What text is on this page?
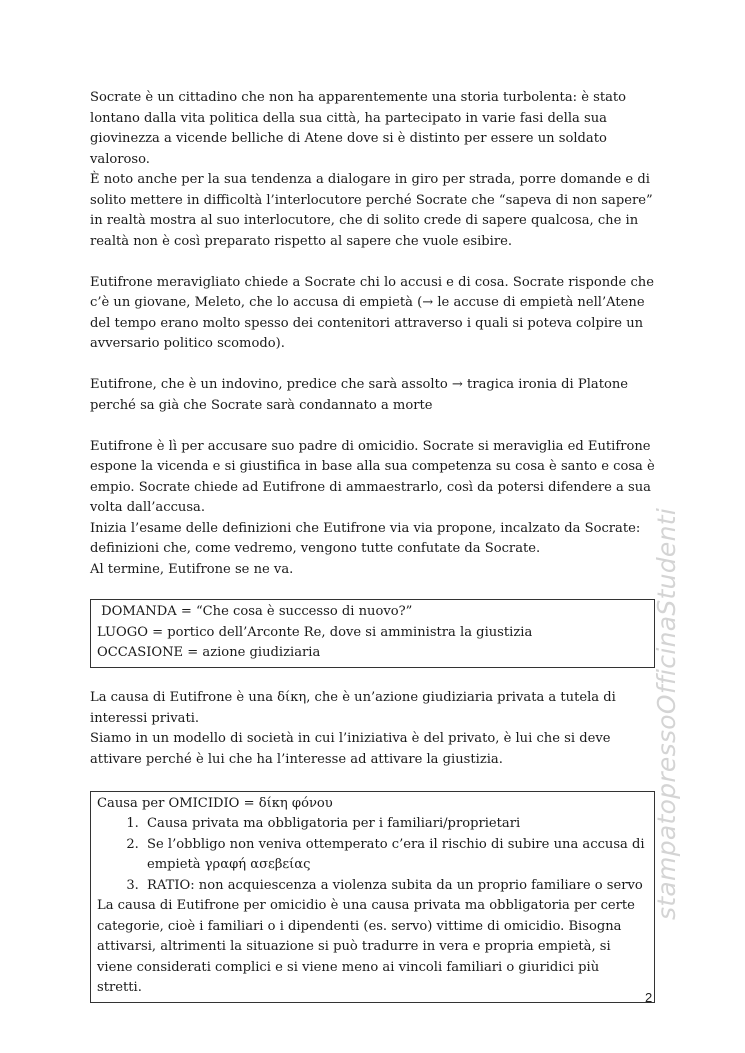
Socrate è un cittadino che non ha apparentemente una storia turbolenta: è stato lontano dalla vita politica della sua città, ha partecipato in varie fasi della sua giovinezza a vicende belliche di Atene dove si è distinto per essere un soldato valoroso.

È noto anche per la sua tendenza a dialogare in giro per strada, porre domande e di solito mettere in difficoltà l’interlocutore perché Socrate che “sapeva di non sapere” in realtà mostra al suo interlocutore, che di solito crede di sapere qualcosa, che in realtà non è così preparato rispetto al sapere che vuole esibire.

Eutifrone meravigliato chiede a Socrate chi lo accusi e di cosa. Socrate risponde che c’è un giovane, Meleto, che lo accusa di empietà (→ le accuse di empietà nell’Atene del tempo erano molto spesso dei contenitori attraverso i quali si poteva colpire un avversario politico scomodo).

Eutifrone, che è un indovino, predice che sarà assolto → tragica ironia di Platone perché sa già che Socrate sarà condannato a morte

Eutifrone è lì per accusare suo padre di omicidio. Socrate si meraviglia ed Eutifrone espone la vicenda e si giustifica in base alla sua competenza su cosa è santo e cosa è empio. Socrate chiede ad Eutifrone di ammaestrarlo, così da potersi difendere a sua volta dall’accusa.

Inizia l’esame delle definizioni che Eutifrone via via propone, incalzato da Socrate: definizioni che, come vedremo, vengono tutte confutate da Socrate.

Al termine, Eutifrone se ne va.

DOMANDA = “Che cosa è successo di nuovo?”
LUOGO = portico dell’Arconte Re, dove si amministra la giustizia
OCCASIONE = azione giudiziaria

La causa di Eutifrone è una δίκη, che è un’azione giudiziaria privata a tutela di interessi privati.

Siamo in un modello di società in cui l’iniziativa è del privato, è lui che si deve attivare perché è lui che ha l’interesse ad attivare la giustizia.

Causa per OMICIDIO = δίκη φόνου
1. Causa privata ma obbligatoria per i familiari/proprietari
2. Se l’obbligo non veniva ottemperato c’era il rischio di subire una accusa di empietà γραφή ασεβείας
3. RATIO: non acquiescenza a violenza subita da un proprio familiare o servo
La causa di Eutifrone per omicidio è una causa privata ma obbligatoria per certe categorie, cioè i familiari o i dipendenti (es. servo) vittime di omicidio. Bisogna attivarsi, altrimenti la situazione si può tradurre in vera e propria empietà, si viene considerati complici e si viene meno ai vincoli familiari o giuridici più stretti.
stampatopressoOfficinaStudenti
2
